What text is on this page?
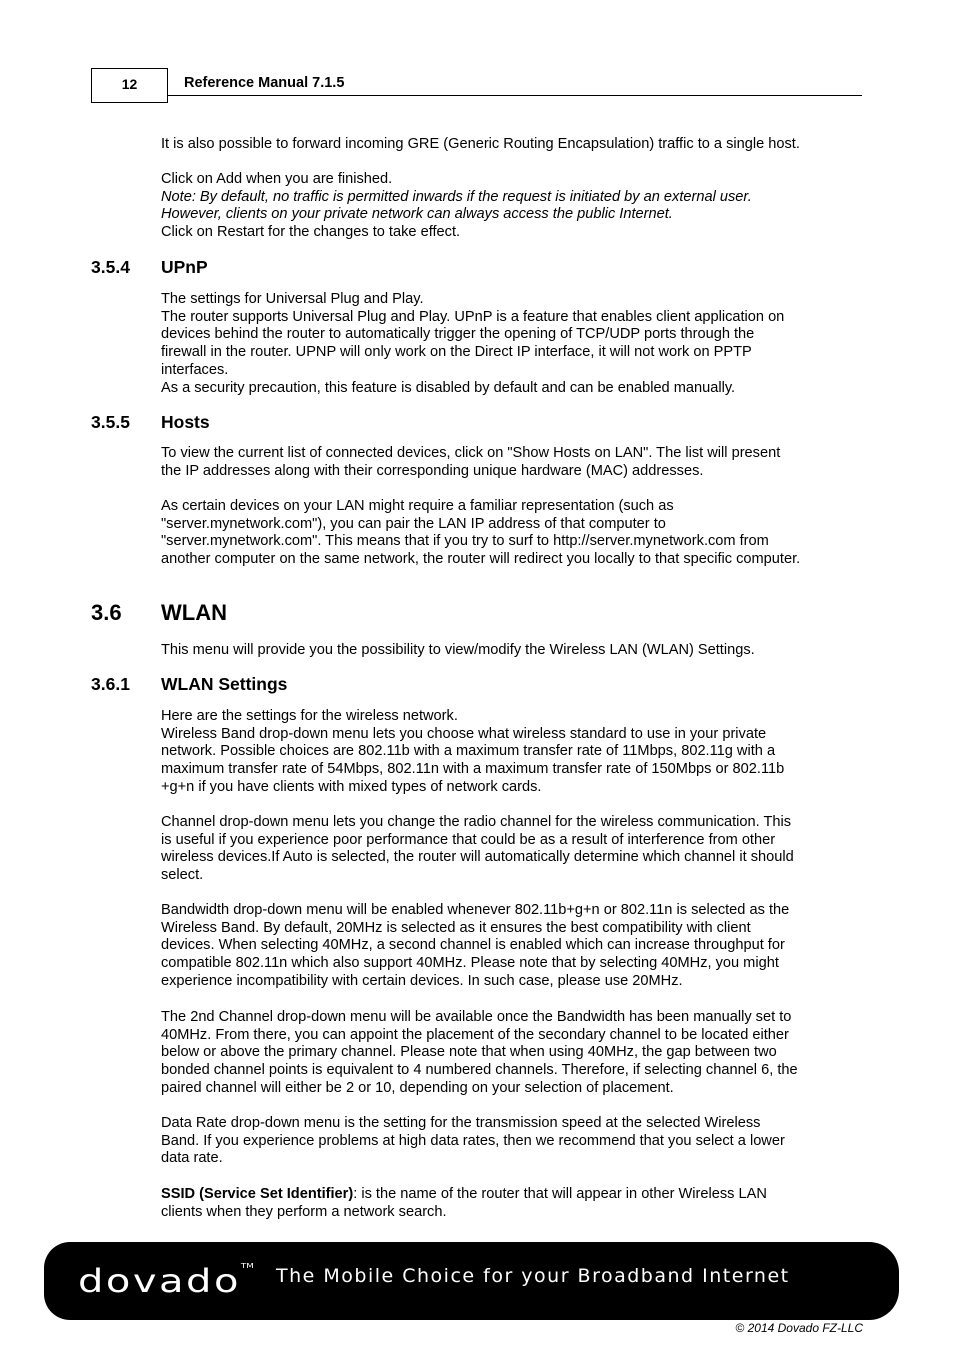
12	Reference Manual 7.1.5
It is also possible to forward incoming GRE (Generic Routing Encapsulation) traffic to a single host.
Click on Add when you are finished.
Note: By default, no traffic is permitted inwards if the request is initiated by an external user.
However, clients on your private network can always access the public Internet.
Click on Restart for the changes to take effect.
3.5.4 UPnP
The settings for Universal Plug and Play.
The router supports Universal Plug and Play. UPnP is a feature that enables client application on
devices behind the router to automatically trigger the opening of TCP/UDP ports through the
firewall in the router. UPNP will only work on the Direct IP interface, it will not work on PPTP
interfaces.
As a security precaution, this feature is disabled by default and can be enabled manually.
3.5.5 Hosts
To view the current list of connected devices, click on "Show Hosts on LAN". The list will present
the IP addresses along with their corresponding unique hardware (MAC) addresses.
As certain devices on your LAN might require a familiar representation (such as
"server.mynetwork.com"), you can pair the LAN IP address of that computer to
"server.mynetwork.com". This means that if you try to surf to http://server.mynetwork.com from
another computer on the same network, the router will redirect you locally to that specific computer.
3.6 WLAN
This menu will provide you the possibility to view/modify the Wireless LAN (WLAN) Settings.
3.6.1 WLAN Settings
Here are the settings for the wireless network.
Wireless Band drop-down menu lets you choose what wireless standard to use in your private
network. Possible choices are 802.11b with a maximum transfer rate of 11Mbps, 802.11g with a
maximum transfer rate of 54Mbps, 802.11n with a maximum transfer rate of 150Mbps or 802.11b
+g+n if you have clients with mixed types of network cards.
Channel drop-down menu lets you change the radio channel for the wireless communication. This
is useful if you experience poor performance that could be as a result of interference from other
wireless devices.If Auto is selected, the router will automatically determine which channel it should
select.
Bandwidth drop-down menu will be enabled whenever 802.11b+g+n or 802.11n is selected as the
Wireless Band. By default, 20MHz is selected as it ensures the best compatibility with client
devices. When selecting 40MHz, a second channel is enabled which can increase throughput for
compatible 802.11n which also support 40MHz. Please note that by selecting 40MHz, you might
experience incompatibility with certain devices. In such case, please use 20MHz.
The 2nd Channel drop-down menu will be available once the Bandwidth has been manually set to
40MHz. From there, you can appoint the placement of the secondary channel to be located either
below or above the primary channel. Please note that when using 40MHz, the gap between two
bonded channel points is equivalent to 4 numbered channels. Therefore, if selecting channel 6, the
paired channel will either be 2 or 10, depending on your selection of placement.
Data Rate drop-down menu is the setting for the transmission speed at the selected Wireless
Band. If you experience problems at high data rates, then we recommend that you select a lower
data rate.
SSID (Service Set Identifier): is the name of the router that will appear in other Wireless LAN
clients when they perform a network search.
dovado™ The Mobile Choice for your Broadband Internet
© 2014 Dovado FZ-LLC
